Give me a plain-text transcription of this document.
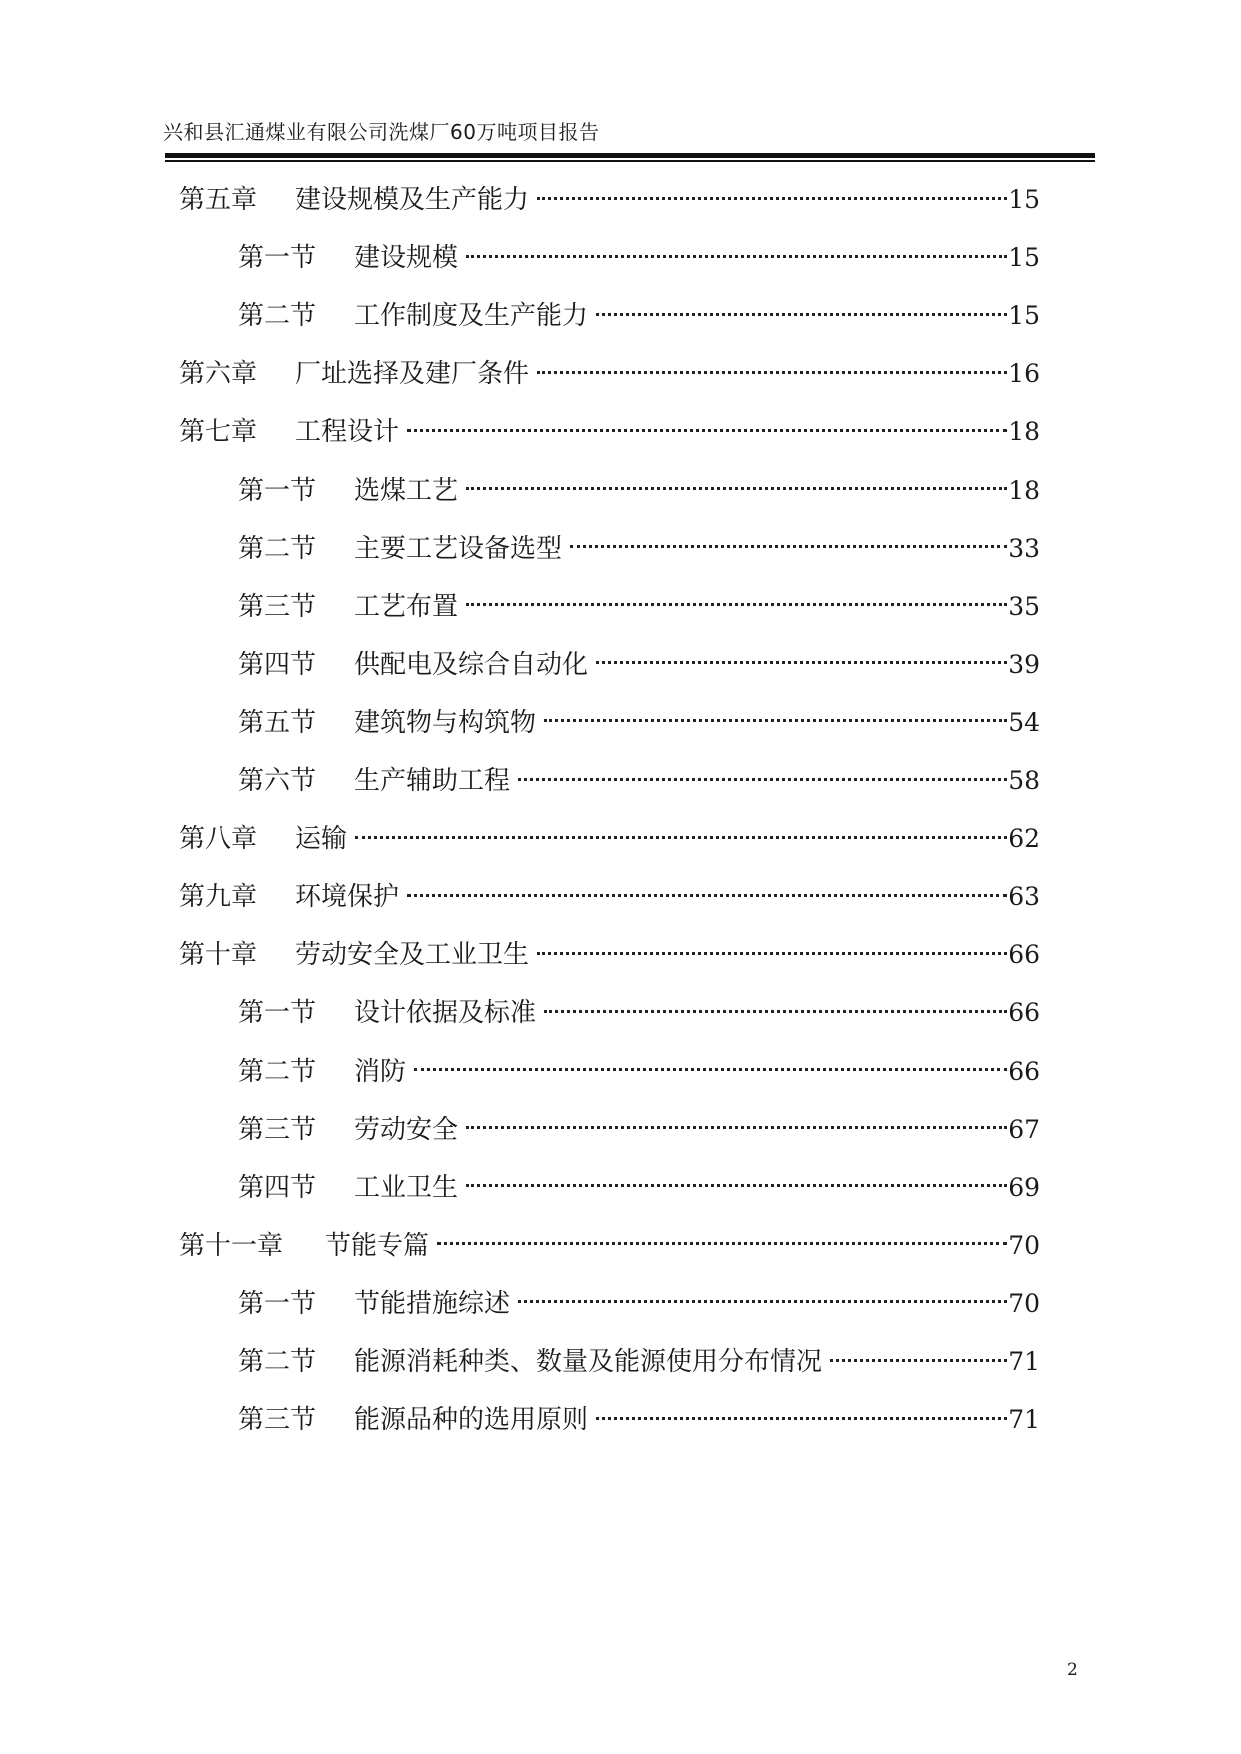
兴和县汇通煤业有限公司洗煤厂60万吨项目报告
第五章	建设规模及生产能力	15
第一节	建设规模	15
第二节	工作制度及生产能力	15
第六章	厂址选择及建厂条件	16
第七章	工程设计	18
第一节	选煤工艺	18
第二节	主要工艺设备选型	33
第三节	工艺布置	35
第四节	供配电及综合自动化	39
第五节	建筑物与构筑物	54
第六节	生产辅助工程	58
第八章	运输	62
第九章	环境保护	63
第十章	劳动安全及工业卫生	66
第一节	设计依据及标准	66
第二节	消防	66
第三节	劳动安全	67
第四节	工业卫生	69
第十一章	节能专篇	70
第一节	节能措施综述	70
第二节	能源消耗种类、数量及能源使用分布情况	71
第三节	能源品种的选用原则	71
2
